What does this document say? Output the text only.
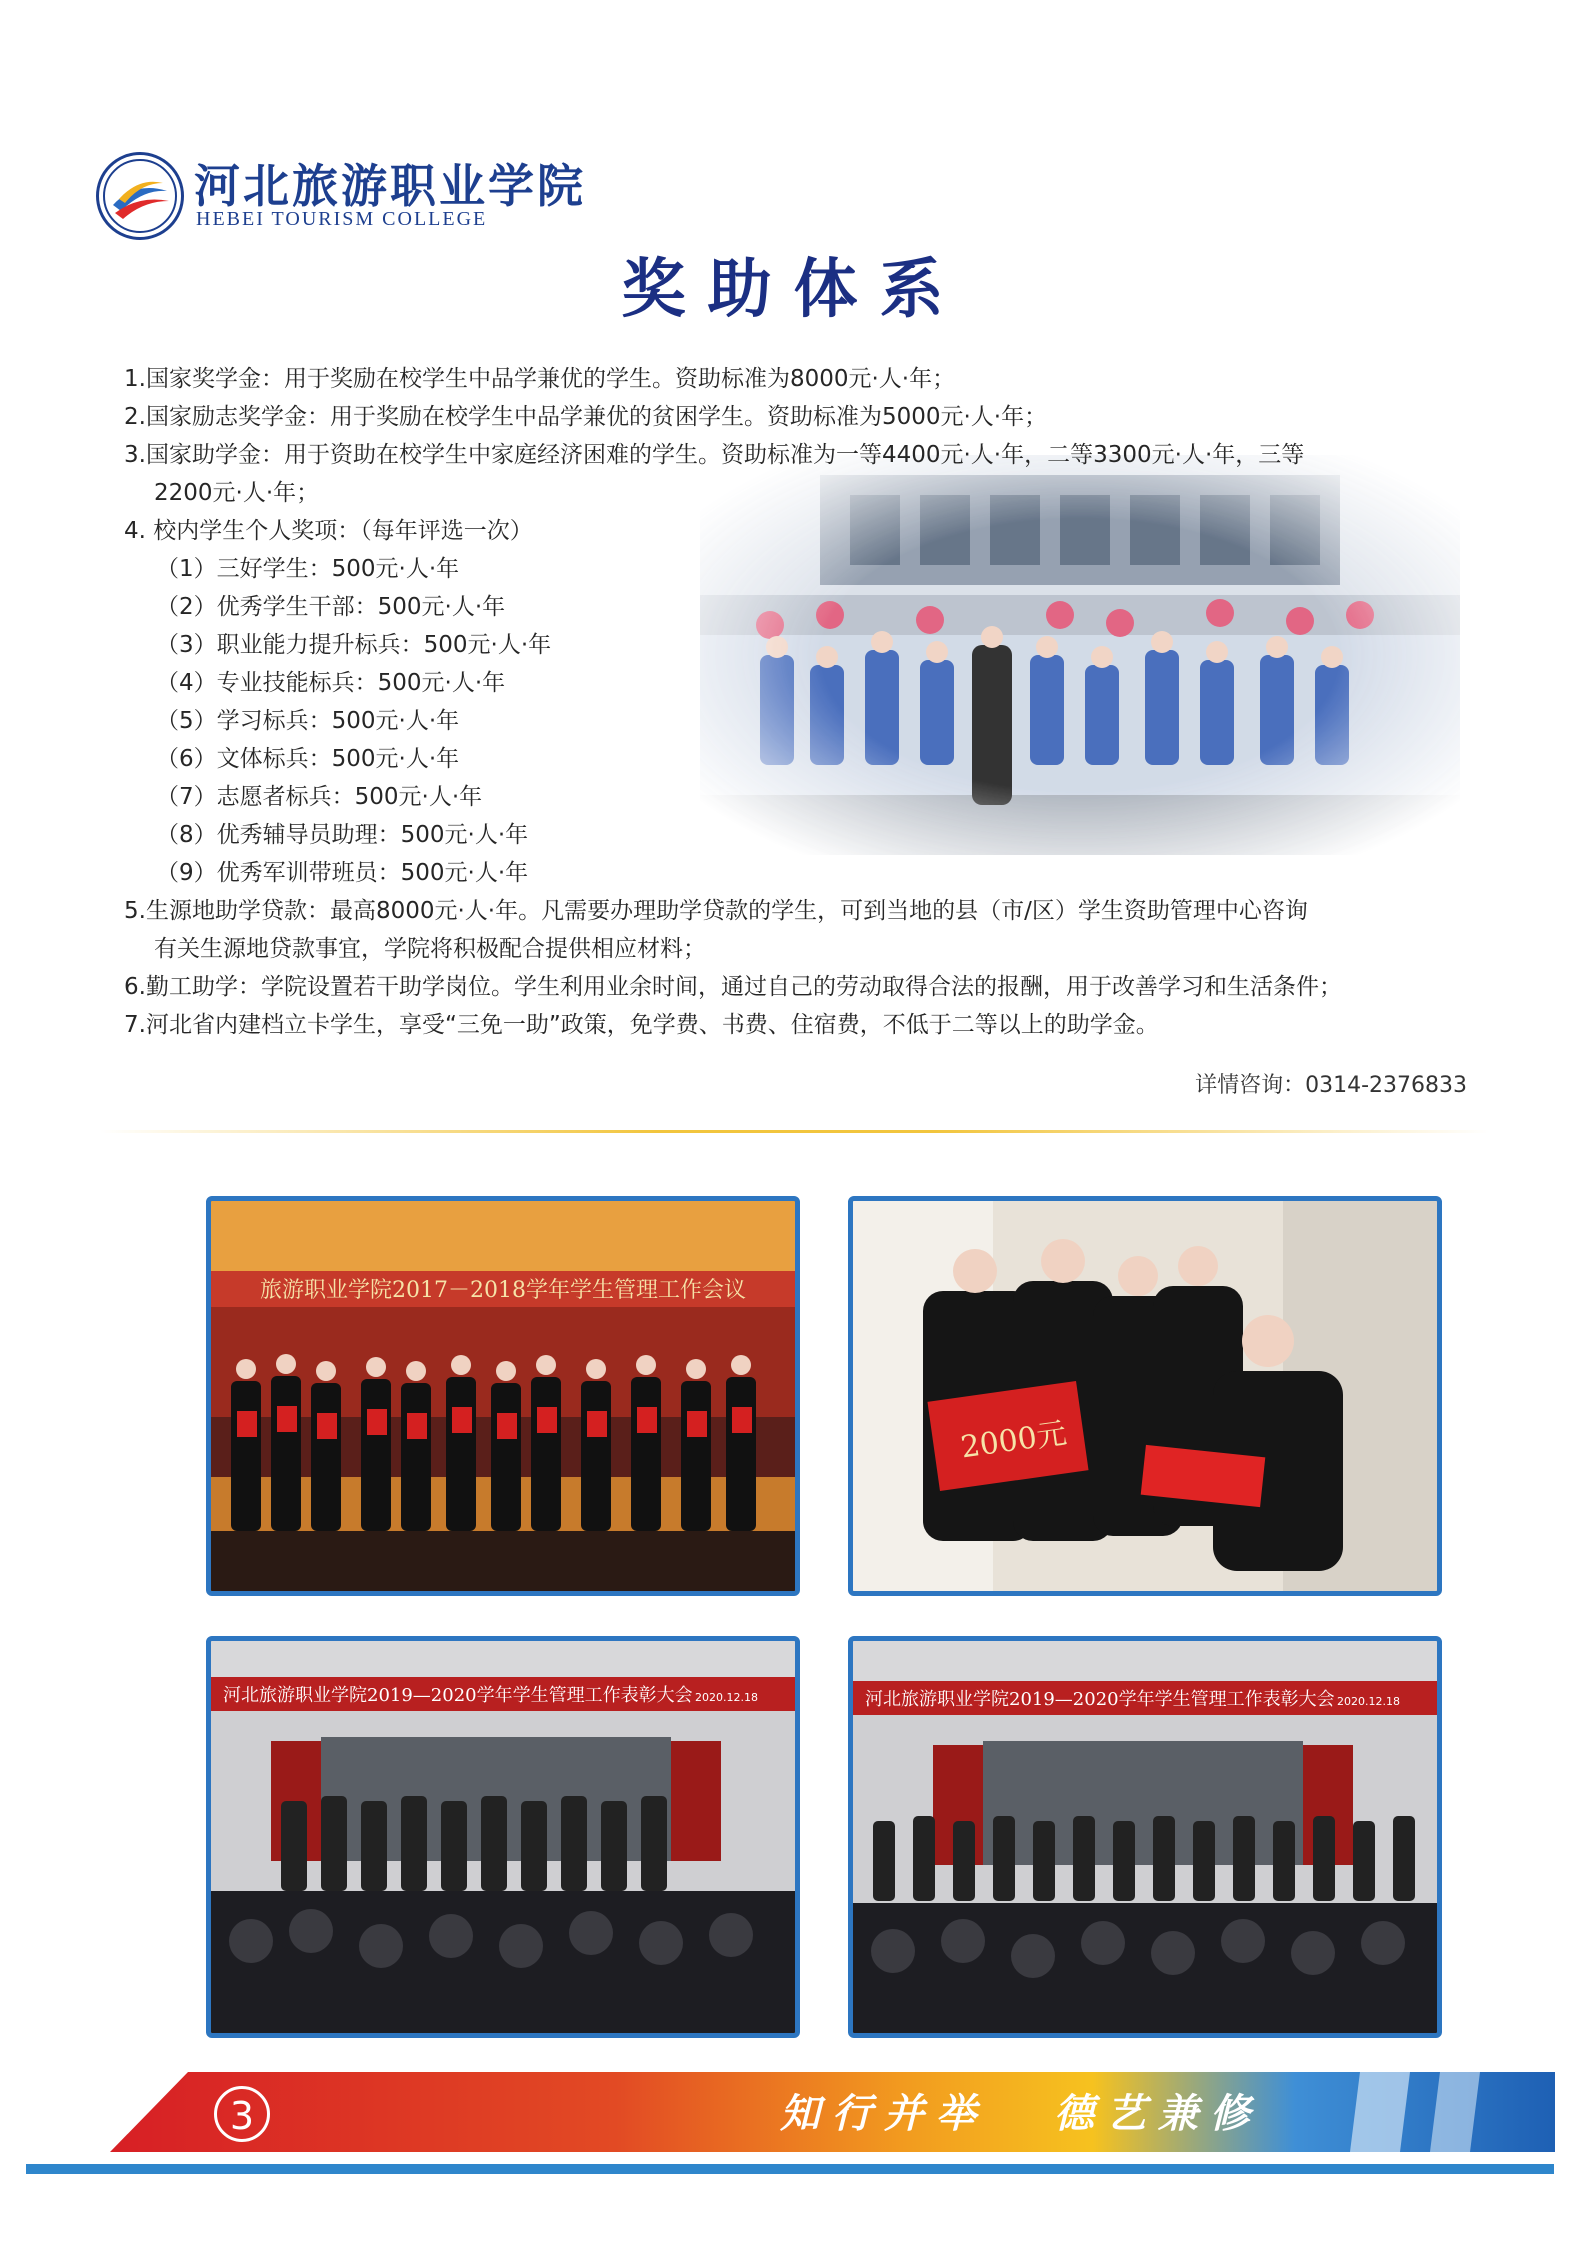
河北旅游职业学院
HEBEI TOURISM COLLEGE
奖助体系
1.国家奖学金：用于奖励在校学生中品学兼优的学生。资助标准为8000元·人·年；
2.国家励志奖学金：用于奖励在校学生中品学兼优的贫困学生。资助标准为5000元·人·年；
3.国家助学金：用于资助在校学生中家庭经济困难的学生。资助标准为一等4400元·人·年，二等3300元·人·年，三等
2200元·人·年；
4. 校内学生个人奖项：（每年评选一次）
（1）三好学生：500元·人·年
（2）优秀学生干部：500元·人·年
（3）职业能力提升标兵：500元·人·年
（4）专业技能标兵：500元·人·年
（5）学习标兵：500元·人·年
（6）文体标兵：500元·人·年
（7）志愿者标兵：500元·人·年
（8）优秀辅导员助理：500元·人·年
（9）优秀军训带班员：500元·人·年
5.生源地助学贷款：最高8000元·人·年。凡需要办理助学贷款的学生，可到当地的县（市/区）学生资助管理中心咨询
有关生源地贷款事宜，学院将积极配合提供相应材料；
6.勤工助学：学院设置若干助学岗位。学生利用业余时间，通过自己的劳动取得合法的报酬，用于改善学习和生活条件；
7.河北省内建档立卡学生，享受“三免一助”政策，免学费、书费、住宿费，不低于二等以上的助学金。
详情咨询：0314-2376833
旅游职业学院2017－2018学年学生管理工作会议
2000元
河北旅游职业学院2019—2020学年学生管理工作表彰大会 2020.12.18	河北旅游职业学院2019—2020学年学生管理工作表彰大会 2020.12.18
3	知行并举 德艺兼修
